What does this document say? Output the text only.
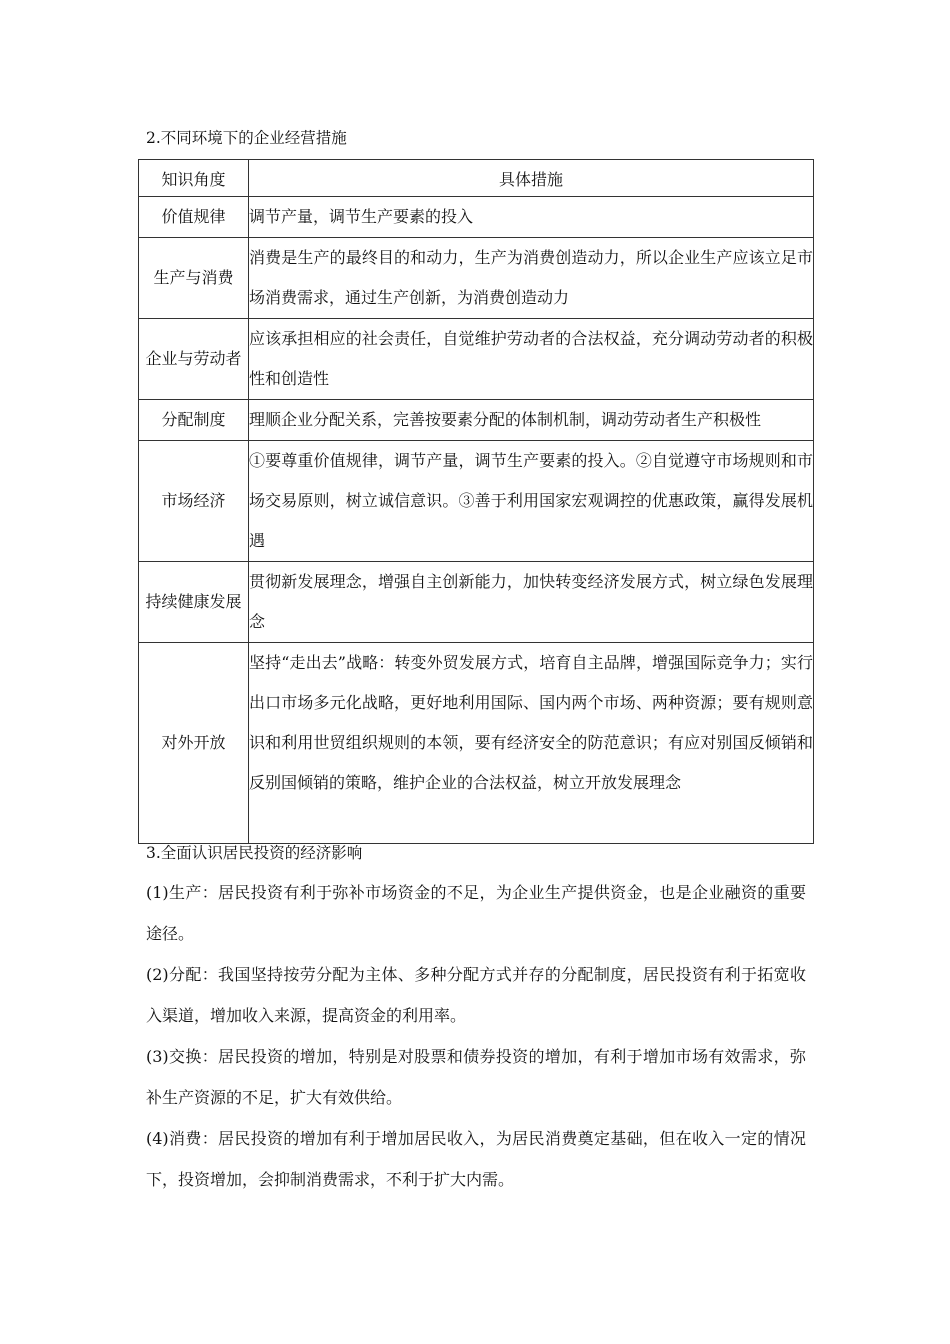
2.不同环境下的企业经营措施
知识角度	具体措施
价值规律	调节产量，调节生产要素的投入
生产与消费	消费是生产的最终目的和动力，生产为消费创造动力，所以企业生产应该立足市场消费需求，通过生产创新，为消费创造动力
企业与劳动者	应该承担相应的社会责任，自觉维护劳动者的合法权益，充分调动劳动者的积极性和创造性
分配制度	理顺企业分配关系，完善按要素分配的体制机制，调动劳动者生产积极性
市场经济	①要尊重价值规律，调节产量，调节生产要素的投入。②自觉遵守市场规则和市场交易原则，树立诚信意识。③善于利用国家宏观调控的优惠政策，赢得发展机遇
持续健康发展	贯彻新发展理念，增强自主创新能力，加快转变经济发展方式，树立绿色发展理念
对外开放	坚持“走出去”战略：转变外贸发展方式，培育自主品牌，增强国际竞争力；实行出口市场多元化战略，更好地利用国际、国内两个市场、两种资源；要有规则意识和利用世贸组织规则的本领，要有经济安全的防范意识；有应对别国反倾销和反别国倾销的策略，维护企业的合法权益，树立开放发展理念
3.全面认识居民投资的经济影响

(1)生产：居民投资有利于弥补市场资金的不足，为企业生产提供资金，也是企业融资的重要途径。

(2)分配：我国坚持按劳分配为主体、多种分配方式并存的分配制度，居民投资有利于拓宽收入渠道，增加收入来源，提高资金的利用率。

(3)交换：居民投资的增加，特别是对股票和债券投资的增加，有利于增加市场有效需求，弥补生产资源的不足，扩大有效供给。

(4)消费：居民投资的增加有利于增加居民收入，为居民消费奠定基础，但在收入一定的情况下，投资增加，会抑制消费需求，不利于扩大内需。
